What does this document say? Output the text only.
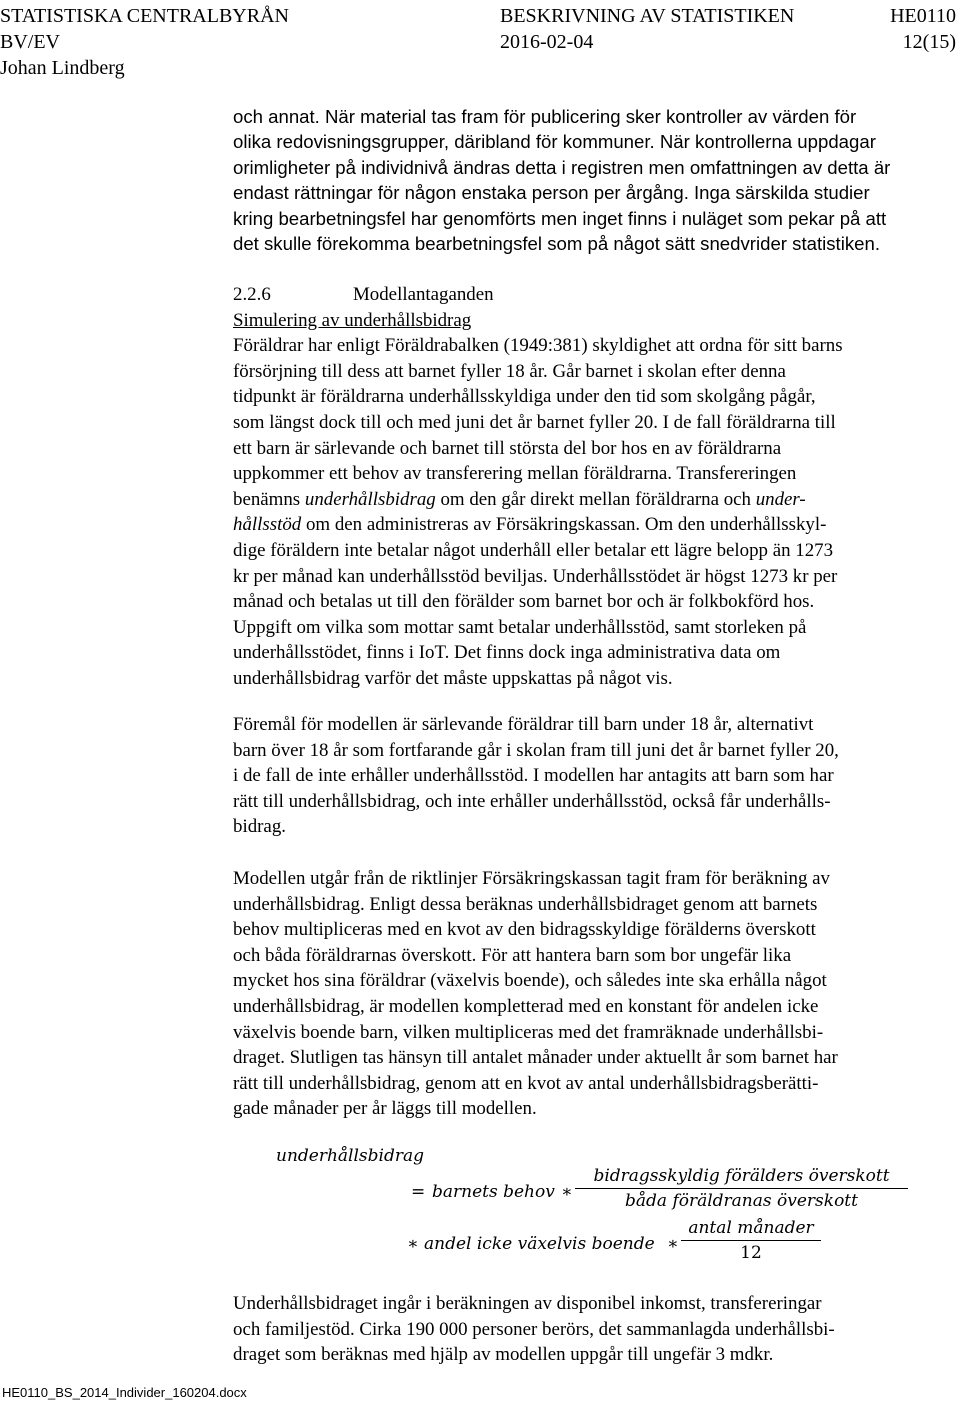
STATISTISKA CENTRALBYRÅN	BESKRIVNING AV STATISTIKEN	HE0110
BV/EV	2016-02-04	12(15)
Johan Lindberg
och annat. När material tas fram för publicering sker kontroller av värden för
olika redovisningsgrupper, däribland för kommuner. När kontrollerna uppdagar
orimligheter på individnivå ändras detta i registren men omfattningen av detta är
endast rättningar för någon enstaka person per årgång. Inga särskilda studier
kring bearbetningsfel har genomförts men inget finns i nuläget som pekar på att
det skulle förekomma bearbetningsfel som på något sätt snedvrider statistiken.
2.2.6	Modellantaganden
Simulering av underhållsbidrag
Föräldrar har enligt Föräldrabalken (1949:381) skyldighet att ordna för sitt barns
försörjning till dess att barnet fyller 18 år. Går barnet i skolan efter denna
tidpunkt är föräldrarna underhållsskyldiga under den tid som skolgång pågår,
som längst dock till och med juni det år barnet fyller 20. I de fall föräldrarna till
ett barn är särlevande och barnet till största del bor hos en av föräldrarna
uppkommer ett behov av transferering mellan föräldrarna. Transfereringen
benämns underhållsbidrag om den går direkt mellan föräldrarna och under-
hållsstöd om den administreras av Försäkringskassan. Om den underhållsskyl-
dige föräldern inte betalar något underhåll eller betalar ett lägre belopp än 1273
kr per månad kan underhållsstöd beviljas. Underhållsstödet är högst 1273 kr per
månad och betalas ut till den förälder som barnet bor och är folkbokförd hos.
Uppgift om vilka som mottar samt betalar underhållsstöd, samt storleken på
underhållsstödet, finns i IoT. Det finns dock inga administrativa data om
underhållsbidrag varför det måste uppskattas på något vis.
Föremål för modellen är särlevande föräldrar till barn under 18 år, alternativt
barn över 18 år som fortfarande går i skolan fram till juni det år barnet fyller 20,
i de fall de inte erhåller underhållsstöd. I modellen har antagits att barn som har
rätt till underhållsbidrag, och inte erhåller underhållsstöd, också får underhålls-
bidrag.
Modellen utgår från de riktlinjer Försäkringskassan tagit fram för beräkning av
underhållsbidrag. Enligt dessa beräknas underhållsbidraget genom att barnets
behov multipliceras med en kvot av den bidragsskyldige förälderns överskott
och båda föräldrarnas överskott. För att hantera barn som bor ungefär lika
mycket hos sina föräldrar (växelvis boende), och således inte ska erhålla något
underhållsbidrag, är modellen kompletterad med en konstant för andelen icke
växelvis boende barn, vilken multipliceras med det framräknade underhållsbi-
draget. Slutligen tas hänsyn till antalet månader under aktuellt år som barnet har
rätt till underhållsbidrag, genom att en kvot av antal underhållsbidragsberätti-
gade månader per år läggs till modellen.
underhållsbidrag
= barnets behov ∗
bidragsskyldig förälders överskott
båda föräldranas överskott
∗ andel icke växelvis boende ∗
antal månader
12
Underhållsbidraget ingår i beräkningen av disponibel inkomst, transfereringar
och familjestöd. Cirka 190 000 personer berörs, det sammanlagda underhållsbi-
draget som beräknas med hjälp av modellen uppgår till ungefär 3 mdkr.
HE0110_BS_2014_Individer_160204.docx
